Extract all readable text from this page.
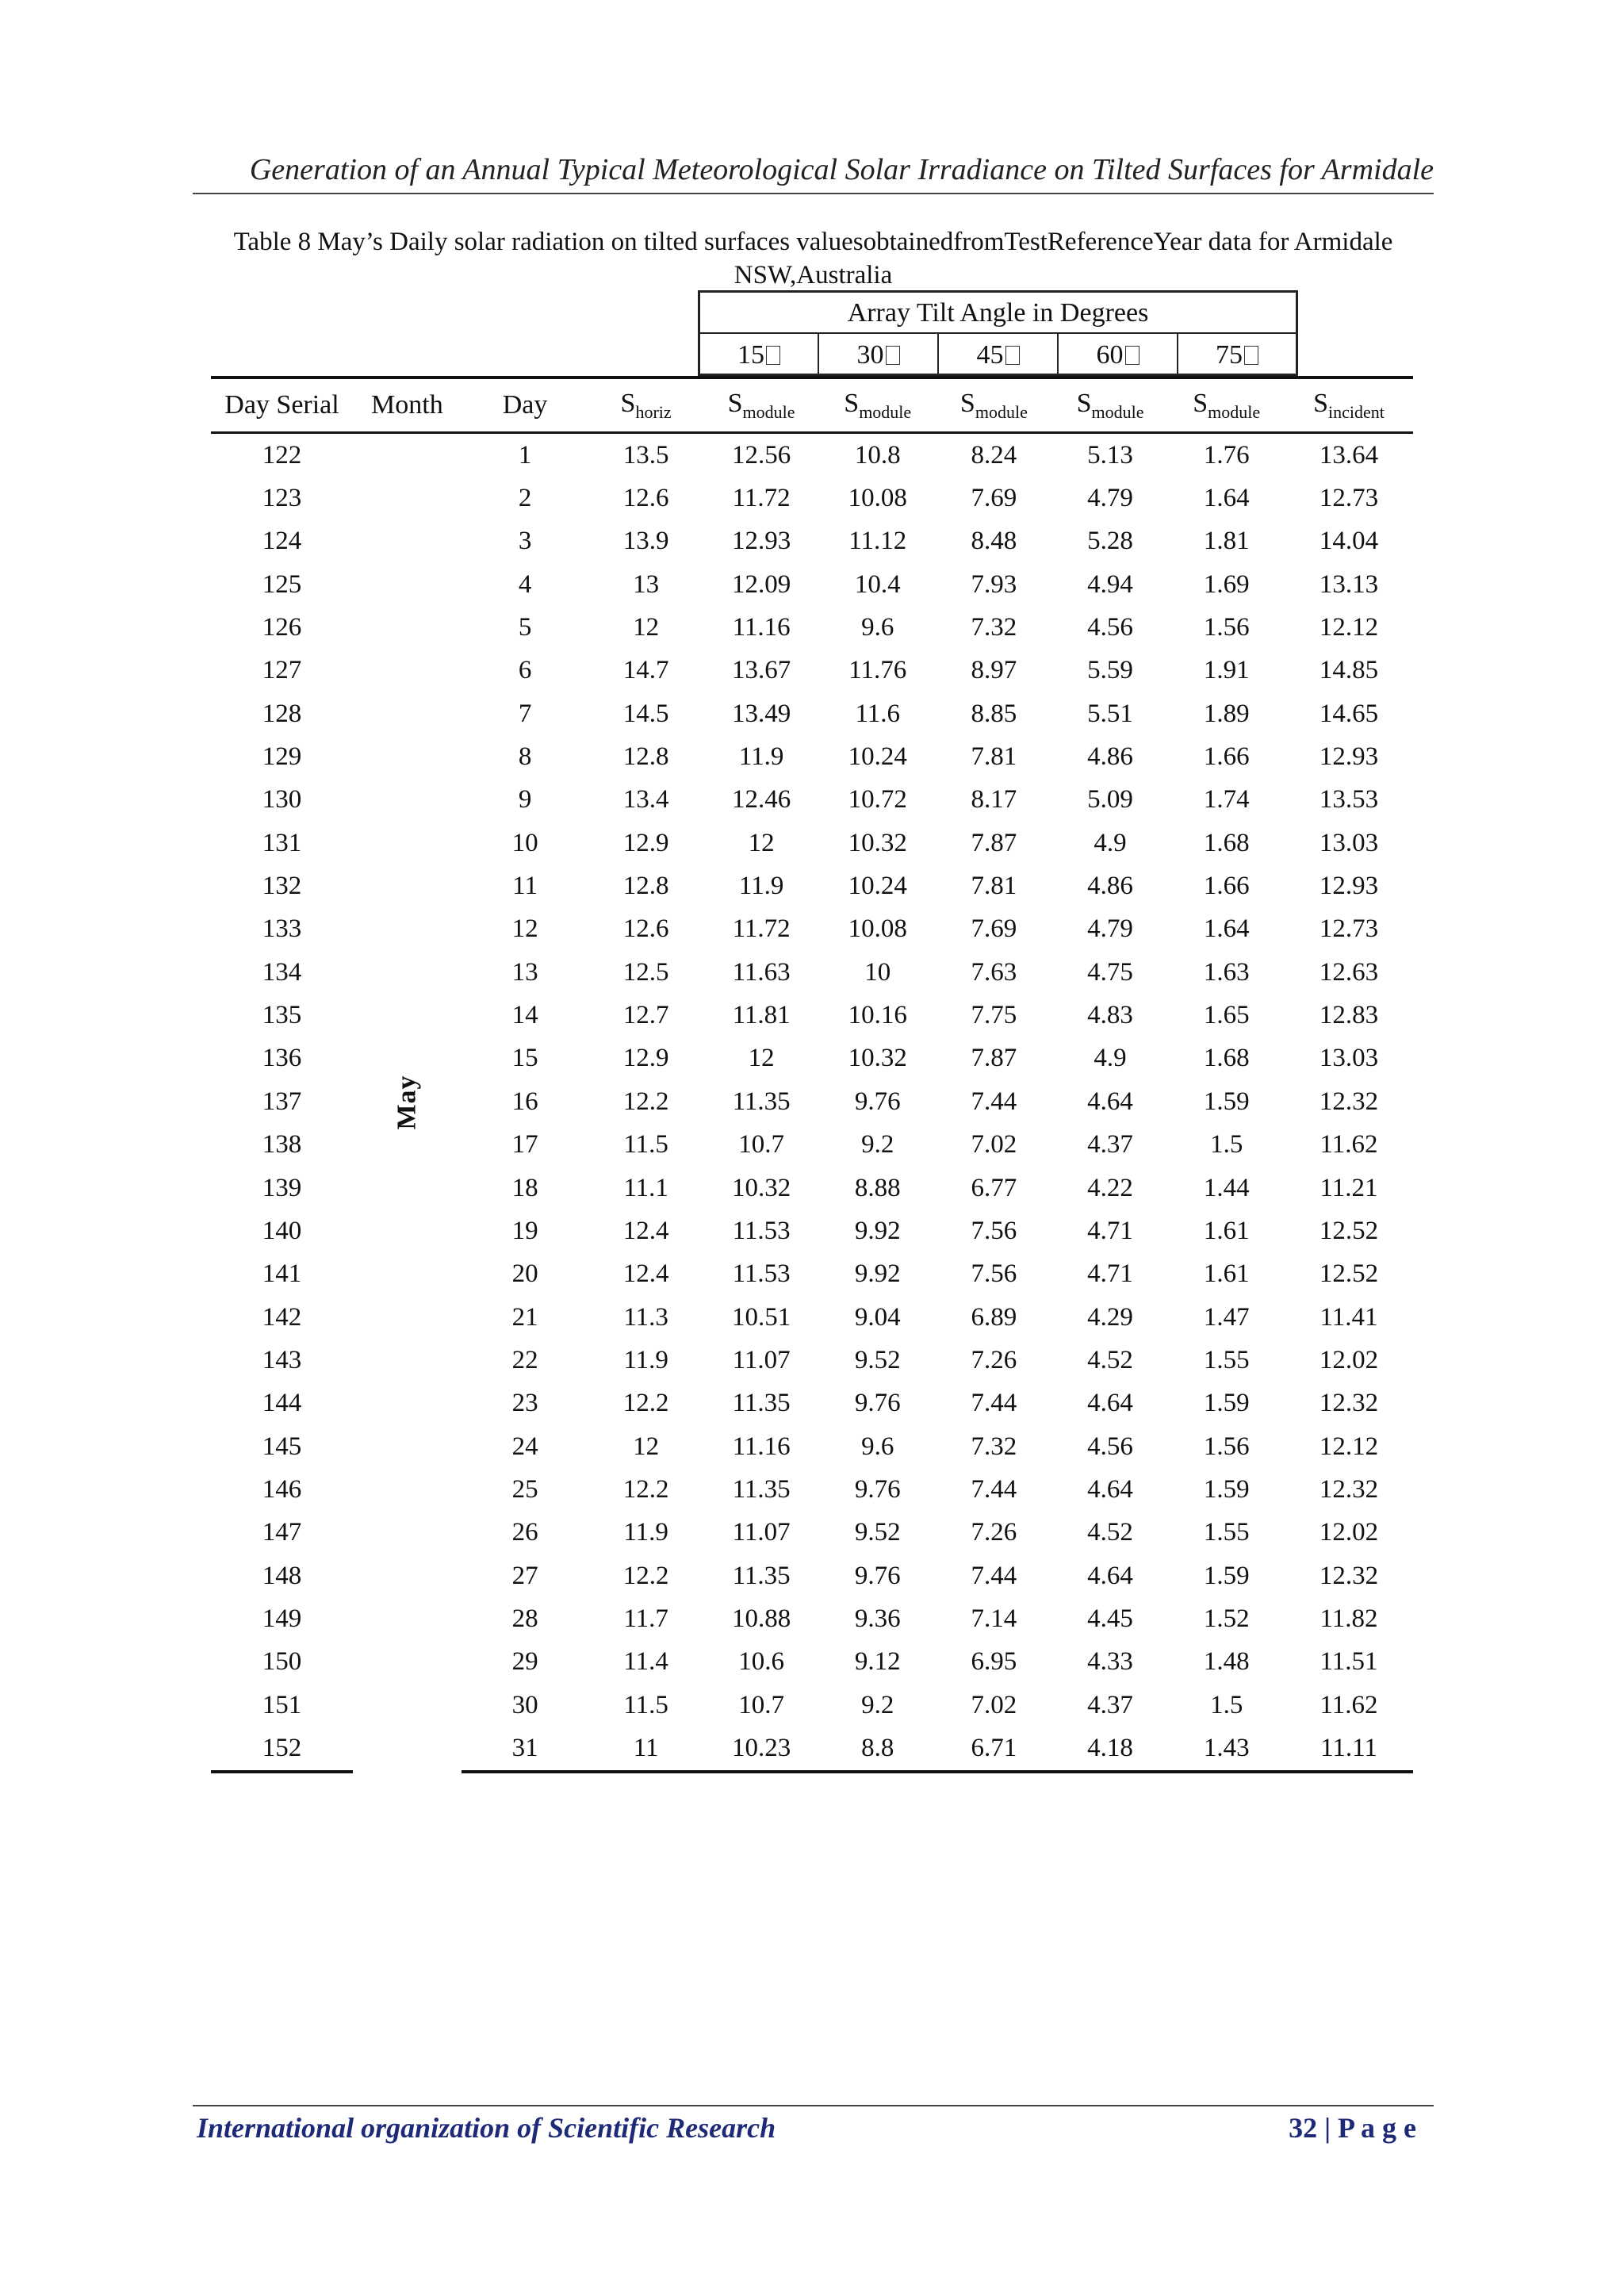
Generation of an Annual Typical Meteorological Solar Irradiance on Tilted Surfaces for Armidale
Table 8 May’s Daily solar radiation on tilted surfaces valuesobtainedfromTestReferenceYear data for Armidale
NSW,Australia
Array Tilt Angle in Degrees
15	30	45	60	75
Day Serial	Month	Day	$S_{horiz}$	$S_{module}$	$S_{module}$	$S_{module}$	$S_{module}$	$S_{module}$	$S_{incident}$
122	May	1	13.5	12.56	10.8	8.24	5.13	1.76	13.64
123		2	12.6	11.72	10.08	7.69	4.79	1.64	12.73
124		3	13.9	12.93	11.12	8.48	5.28	1.81	14.04
125		4	13	12.09	10.4	7.93	4.94	1.69	13.13
126		5	12	11.16	9.6	7.32	4.56	1.56	12.12
127		6	14.7	13.67	11.76	8.97	5.59	1.91	14.85
128		7	14.5	13.49	11.6	8.85	5.51	1.89	14.65
129		8	12.8	11.9	10.24	7.81	4.86	1.66	12.93
130		9	13.4	12.46	10.72	8.17	5.09	1.74	13.53
131		10	12.9	12	10.32	7.87	4.9	1.68	13.03
132		11	12.8	11.9	10.24	7.81	4.86	1.66	12.93
133		12	12.6	11.72	10.08	7.69	4.79	1.64	12.73
134		13	12.5	11.63	10	7.63	4.75	1.63	12.63
135		14	12.7	11.81	10.16	7.75	4.83	1.65	12.83
136		15	12.9	12	10.32	7.87	4.9	1.68	13.03
137		16	12.2	11.35	9.76	7.44	4.64	1.59	12.32
138		17	11.5	10.7	9.2	7.02	4.37	1.5	11.62
139		18	11.1	10.32	8.88	6.77	4.22	1.44	11.21
140		19	12.4	11.53	9.92	7.56	4.71	1.61	12.52
141		20	12.4	11.53	9.92	7.56	4.71	1.61	12.52
142		21	11.3	10.51	9.04	6.89	4.29	1.47	11.41
143		22	11.9	11.07	9.52	7.26	4.52	1.55	12.02
144		23	12.2	11.35	9.76	7.44	4.64	1.59	12.32
145		24	12	11.16	9.6	7.32	4.56	1.56	12.12
146		25	12.2	11.35	9.76	7.44	4.64	1.59	12.32
147		26	11.9	11.07	9.52	7.26	4.52	1.55	12.02
148		27	12.2	11.35	9.76	7.44	4.64	1.59	12.32
149		28	11.7	10.88	9.36	7.14	4.45	1.52	11.82
150		29	11.4	10.6	9.12	6.95	4.33	1.48	11.51
151		30	11.5	10.7	9.2	7.02	4.37	1.5	11.62
152		31	11	10.23	8.8	6.71	4.18	1.43	11.11
International organization of Scientific Research	32 | P a g e
